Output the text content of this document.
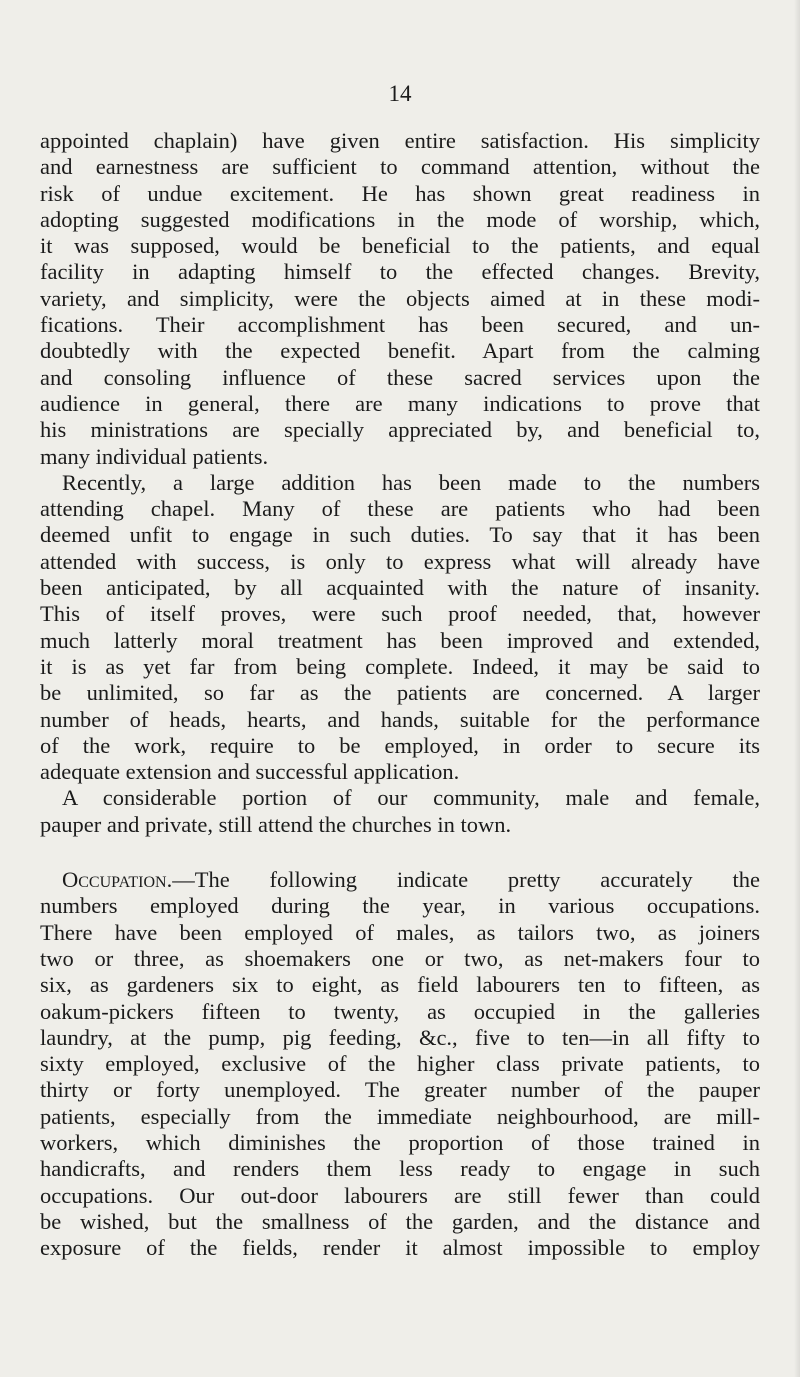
14
appointed chaplain) have given entire satisfaction. His simplicity
and earnestness are sufficient to command attention, without the
risk of undue excitement. He has shown great readiness in
adopting suggested modifications in the mode of worship, which,
it was supposed, would be beneficial to the patients, and equal
facility in adapting himself to the effected changes. Brevity,
variety, and simplicity, were the objects aimed at in these modi-
fications. Their accomplishment has been secured, and un-
doubtedly with the expected benefit. Apart from the calming
and consoling influence of these sacred services upon the
audience in general, there are many indications to prove that
his ministrations are specially appreciated by, and beneficial to,
many individual patients.
Recently, a large addition has been made to the numbers
attending chapel. Many of these are patients who had been
deemed unfit to engage in such duties. To say that it has been
attended with success, is only to express what will already have
been anticipated, by all acquainted with the nature of insanity.
This of itself proves, were such proof needed, that, however
much latterly moral treatment has been improved and extended,
it is as yet far from being complete. Indeed, it may be said to
be unlimited, so far as the patients are concerned. A larger
number of heads, hearts, and hands, suitable for the performance
of the work, require to be employed, in order to secure its
adequate extension and successful application.
A considerable portion of our community, male and female,
pauper and private, still attend the churches in town.
Occupation.—The following indicate pretty accurately the
numbers employed during the year, in various occupations.
There have been employed of males, as tailors two, as joiners
two or three, as shoemakers one or two, as net-makers four to
six, as gardeners six to eight, as field labourers ten to fifteen, as
oakum-pickers fifteen to twenty, as occupied in the galleries
laundry, at the pump, pig feeding, &c., five to ten—in all fifty to
sixty employed, exclusive of the higher class private patients, to
thirty or forty unemployed. The greater number of the pauper
patients, especially from the immediate neighbourhood, are mill-
workers, which diminishes the proportion of those trained in
handicrafts, and renders them less ready to engage in such
occupations. Our out-door labourers are still fewer than could
be wished, but the smallness of the garden, and the distance and
exposure of the fields, render it almost impossible to employ
